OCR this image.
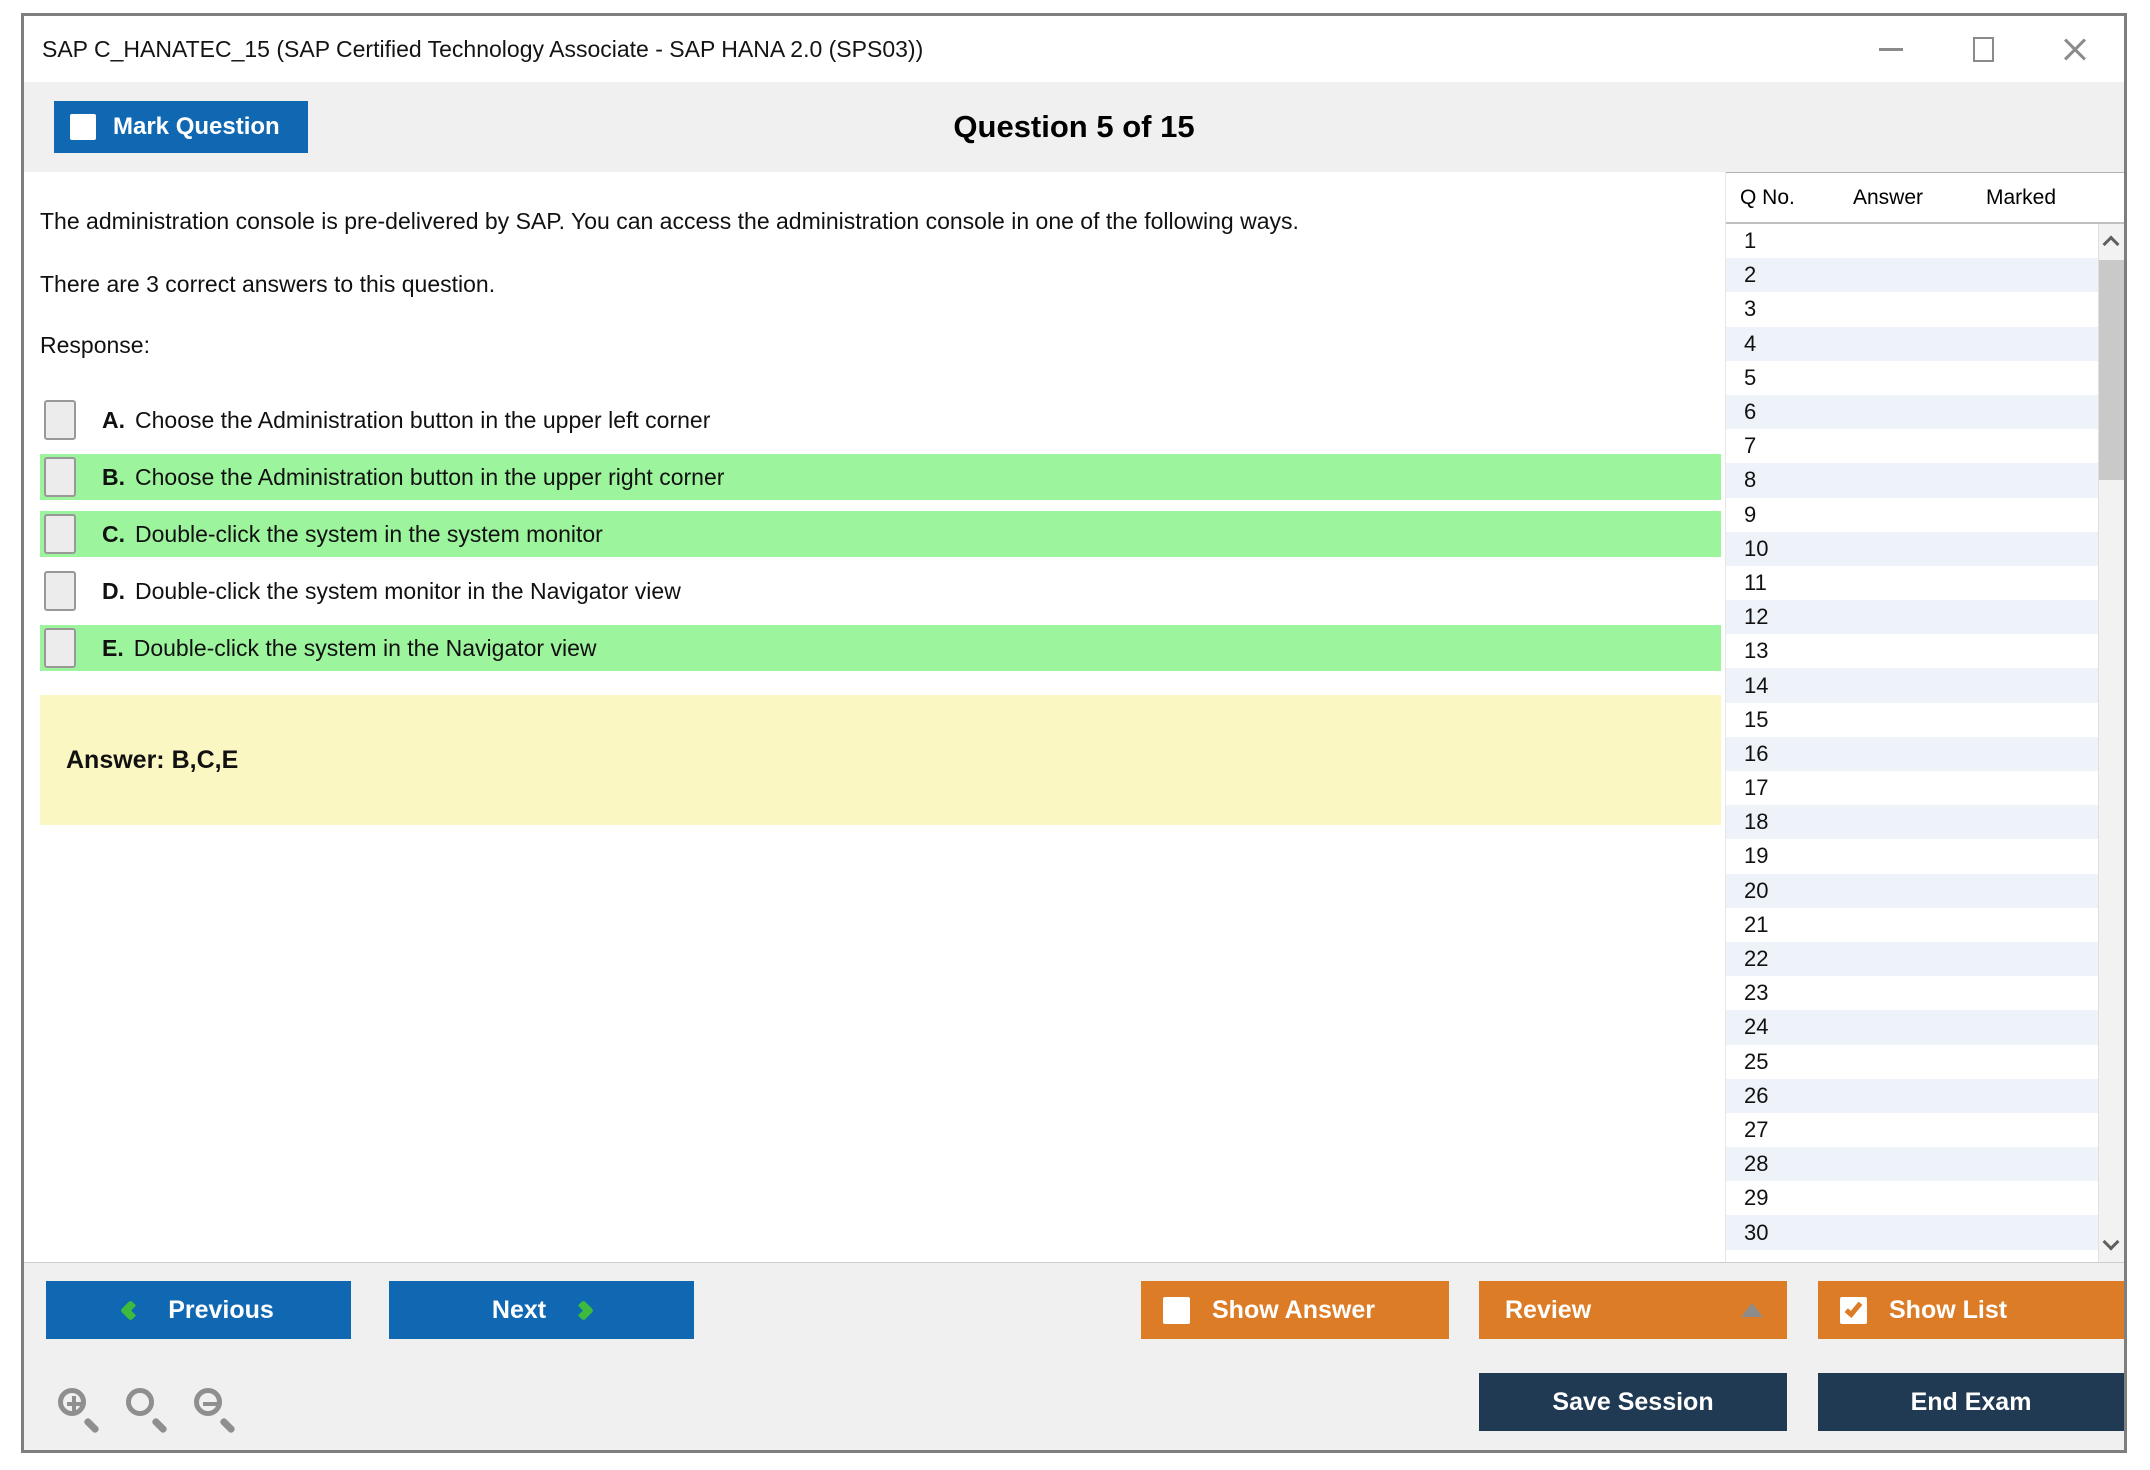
SAP C_HANATEC_15 (SAP Certified Technology Associate - SAP HANA 2.0 (SPS03))
Mark Question	Question 5 of 15

The administration console is pre-delivered by SAP. You can access the administration console in one of the following ways.

There are 3 correct answers to this question.

Response:

A. Choose the Administration button in the upper left corner
B. Choose the Administration button in the upper right corner
C. Double-click the system in the system monitor
D. Double-click the system monitor in the Navigator view
E. Double-click the system in the Navigator view
Answer: B,C,E
Q No.	Answer	Marked
1
2
3
4
5
6
7
8
9
10
11
12
13
14
15
16
17
18
19
20
21
22
23
24
25
26
27
28
29
30
Previous	Next	Show Answer	Review	Show List
Save Session	End Exam
